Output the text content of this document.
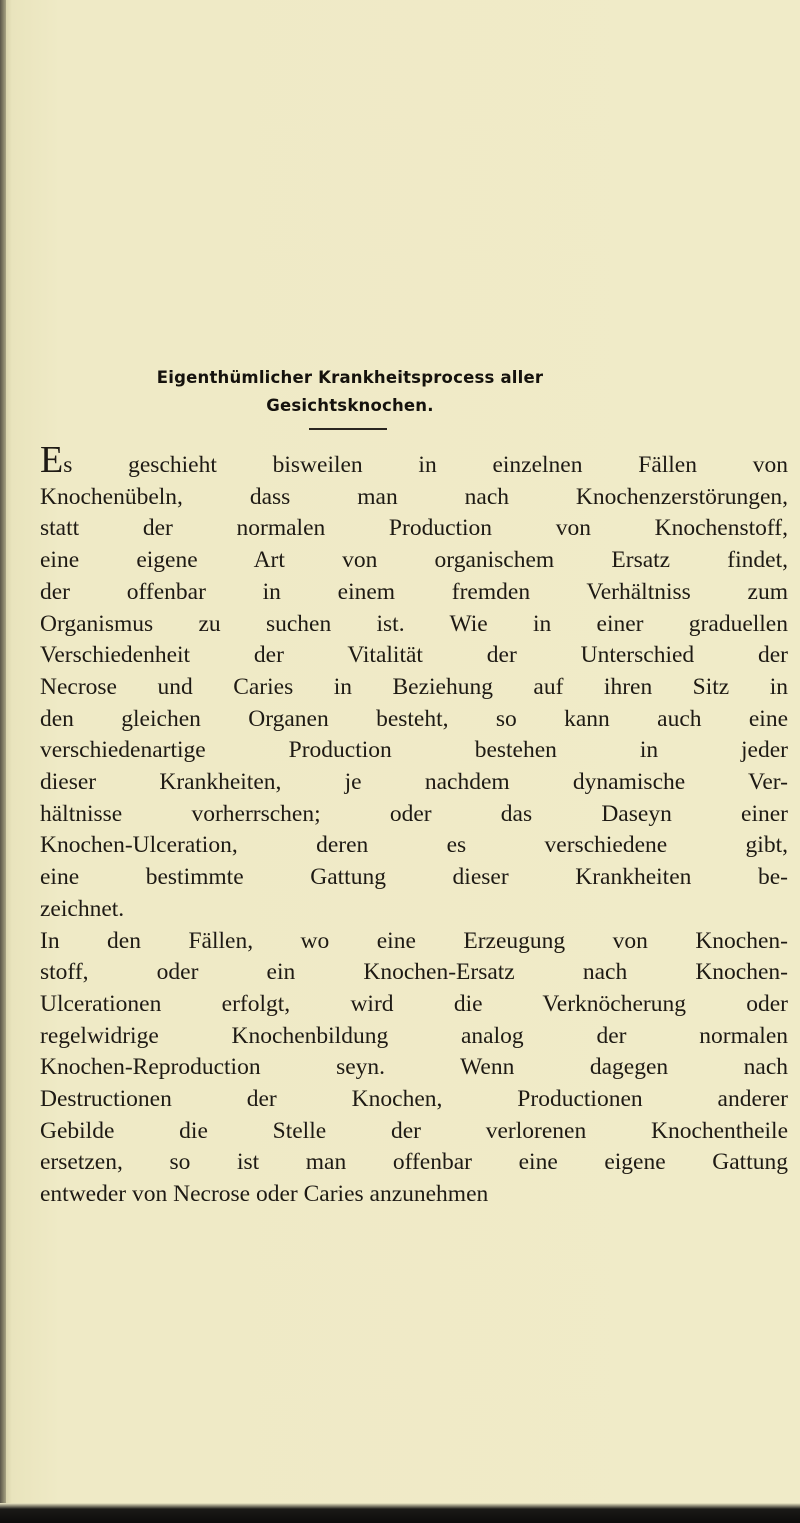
Eigenthümlicher Krankheitsprocess aller
Gesichtsknochen.
Es geschieht bisweilen in einzelnen Fällen von
Knochenübeln, dass man nach Knochenzerstörungen,
statt der normalen Production von Knochenstoff,
eine eigene Art von organischem Ersatz findet,
der offenbar in einem fremden Verhältniss zum
Organismus zu suchen ist. Wie in einer graduellen
Verschiedenheit der Vitalität der Unterschied der
Necrose und Caries in Beziehung auf ihren Sitz in
den gleichen Organen besteht, so kann auch eine
verschiedenartige Production bestehen in jeder
dieser Krankheiten, je nachdem dynamische Ver-
hältnisse vorherrschen; oder das Daseyn einer
Knochen-Ulceration, deren es verschiedene gibt,
eine bestimmte Gattung dieser Krankheiten be-
zeichnet.
In den Fällen, wo eine Erzeugung von Knochen-
stoff, oder ein Knochen-Ersatz nach Knochen-
Ulcerationen erfolgt, wird die Verknöcherung oder
regelwidrige Knochenbildung analog der normalen
Knochen-Reproduction seyn. Wenn dagegen nach
Destructionen der Knochen, Productionen anderer
Gebilde die Stelle der verlorenen Knochentheile
ersetzen, so ist man offenbar eine eigene Gattung
entweder von Necrose oder Caries anzunehmen
